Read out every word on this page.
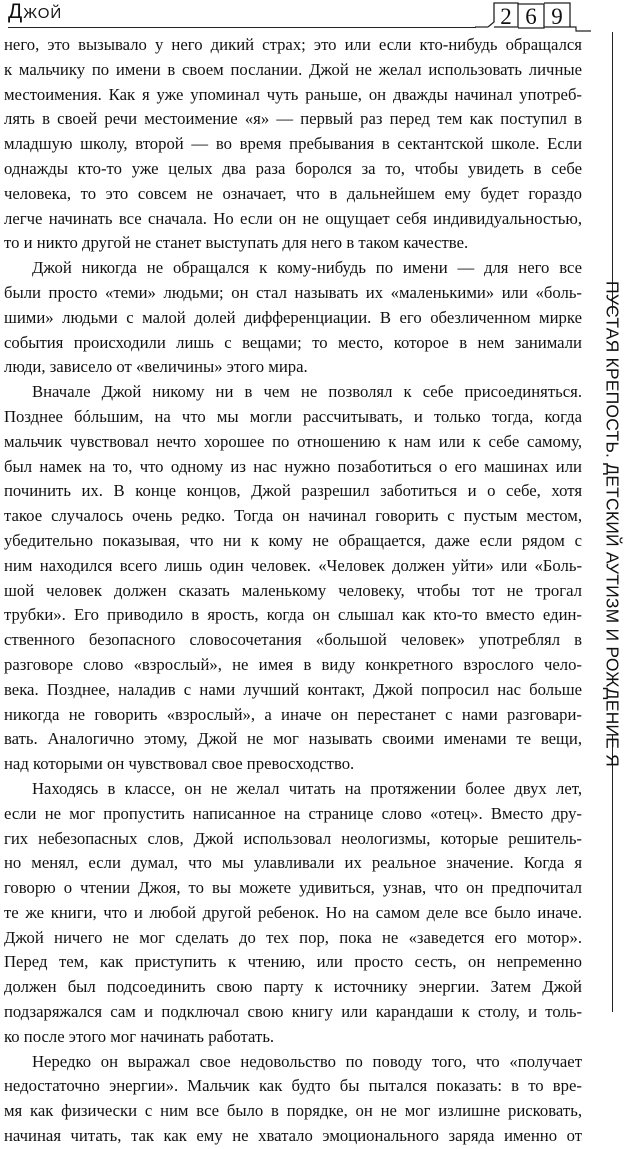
Джой	2 6 9
ПУСТАЯ КРЕПОСТЬ. ДЕТСКИЙ АУТИЗМ И РОЖДЕНИЕ Я

него, это вызывало у него дикий страх; это или если кто-нибудь обращался
к мальчику по имени в своем послании. Джой не желал использовать личные
местоимения. Как я уже упоминал чуть раньше, он дважды начинал употреб-
лять в своей речи местоимение «я» — первый раз перед тем как поступил в
младшую школу, второй — во время пребывания в сектантской школе. Если
однажды кто-то уже целых два раза боролся за то, чтобы увидеть в себе
человека, то это совсем не означает, что в дальнейшем ему будет гораздо
легче начинать все сначала. Но если он не ощущает себя индивидуальностью,
то и никто другой не станет выступать для него в таком качестве.

Джой никогда не обращался к кому-нибудь по имени — для него все
были просто «теми» людьми; он стал называть их «маленькими» или «боль-
шими» людьми с малой долей дифференциации. В его обезличенном мирке
события происходили лишь с вещами; то место, которое в нем занимали
люди, зависело от «величины» этого мира.

Вначале Джой никому ни в чем не позволял к себе присоединяться.
Позднее бóльшим, на что мы могли рассчитывать, и только тогда, когда
мальчик чувствовал нечто хорошее по отношению к нам или к себе самому,
был намек на то, что одному из нас нужно позаботиться о его машинах или
починить их. В конце концов, Джой разрешил заботиться и о себе, хотя
такое случалось очень редко. Тогда он начинал говорить с пустым местом,
убедительно показывая, что ни к кому не обращается, даже если рядом с
ним находился всего лишь один человек. «Человек должен уйти» или «Боль-
шой человек должен сказать маленькому человеку, чтобы тот не трогал
трубки». Его приводило в ярость, когда он слышал как кто-то вместо един-
ственного безопасного словосочетания «большой человек» употреблял в
разговоре слово «взрослый», не имея в виду конкретного взрослого чело-
века. Позднее, наладив с нами лучший контакт, Джой попросил нас больше
никогда не говорить «взрослый», а иначе он перестанет с нами разговари-
вать. Аналогично этому, Джой не мог называть своими именами те вещи,
над которыми он чувствовал свое превосходство.

Находясь в классе, он не желал читать на протяжении более двух лет,
если не мог пропустить написанное на странице слово «отец». Вместо дру-
гих небезопасных слов, Джой использовал неологизмы, которые решитель-
но менял, если думал, что мы улавливали их реальное значение. Когда я
говорю о чтении Джоя, то вы можете удивиться, узнав, что он предпочитал
те же книги, что и любой другой ребенок. Но на самом деле все было иначе.
Джой ничего не мог сделать до тех пор, пока не «заведется его мотор».
Перед тем, как приступить к чтению, или просто сесть, он непременно
должен был подсоединить свою парту к источнику энергии. Затем Джой
подзаряжался сам и подключал свою книгу или карандаши к столу, и толь-
ко после этого мог начинать работать.

Нередко он выражал свое недовольство по поводу того, что «получает
недостаточно энергии». Мальчик как будто бы пытался показать: в то вре-
мя как физически с ним все было в порядке, он не мог излишне рисковать,
начиная читать, так как ему не хватало эмоционального заряда именно от
